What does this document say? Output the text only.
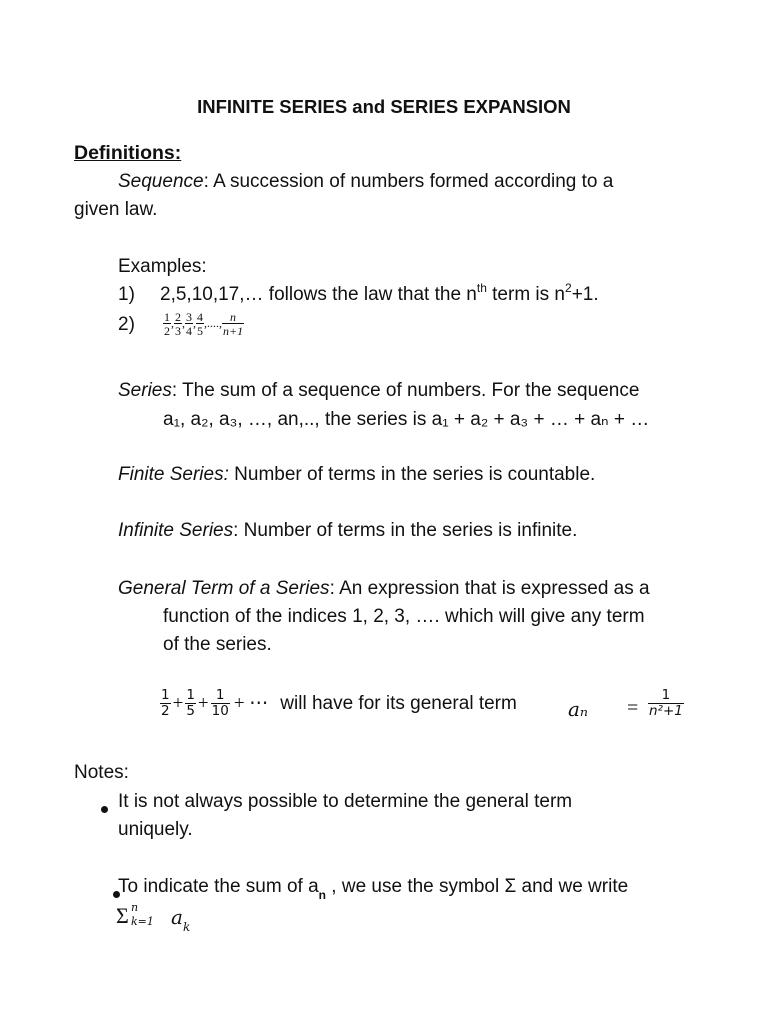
INFINITE SERIES and SERIES EXPANSION
Definitions:
Sequence: A succession of numbers formed according to a
given law.
Examples:
1) 2,5,10,17,… follows the law that the $n^{th}$ term is $n^2+1$.
$2) \frac{1}{2}$ , $\frac{2}{3}$ , $\frac{3}{4}$ , $\frac{4}{5}$ ,...., $\frac{n}{n+1}$
Series: The sum of a sequence of numbers. For the sequence
a₁, a₂, a₃, …, an,.., the series is a₁ + a₂ + a₃ + … + aₙ + …
Finite Series: Number of terms in the series is countable.
Infinite Series: Number of terms in the series is infinite.
General Term of a Series: An expression that is expressed as a
function of the indices 1, 2, 3, …. which will give any term
of the series.
$\frac{1}{2} + \frac{1}{5} + \frac{1}{10}$ + ⋯ will have for its general term	$a_n = \frac{1}{\text{n²+1}}$
Notes:

It is not always possible to determine the general term
uniquely.
To indicate the sum of $a_n$ , we use the symbol Σ and we write
Σ n
k=1 $a_k$
